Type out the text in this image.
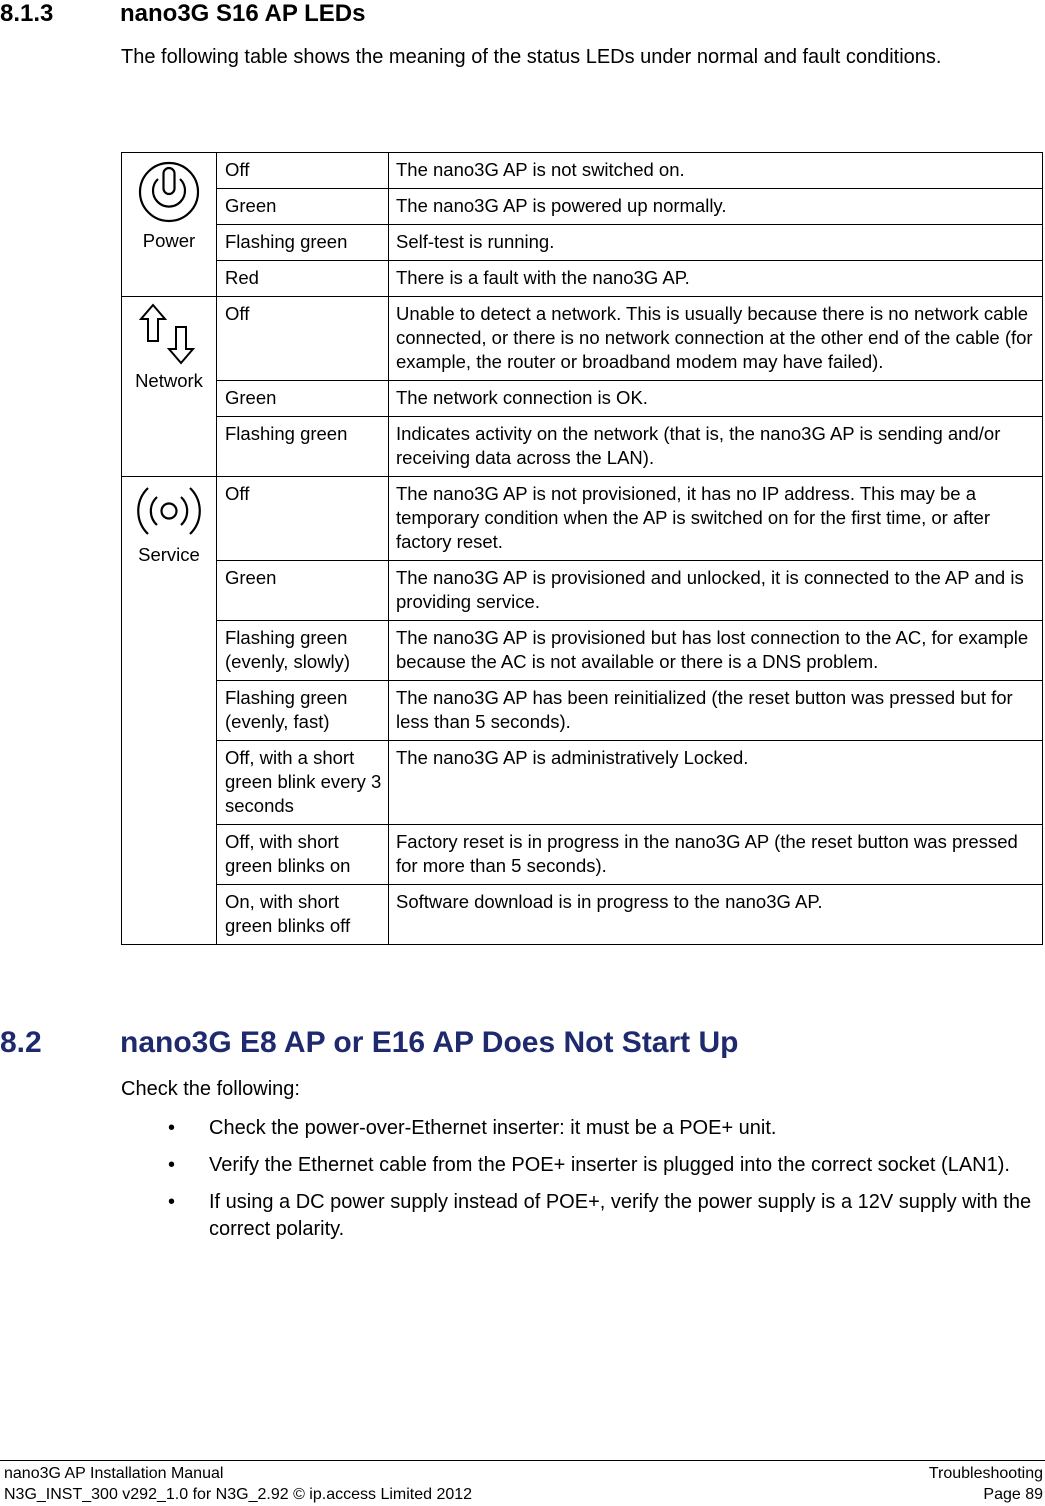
8.1.3	nano3G S16 AP LEDs
The following table shows the meaning of the status LEDs under normal and fault conditions.
Power	Off	The nano3G AP is not switched on.
	Green	The nano3G AP is powered up normally.
	Flashing green	Self-test is running.
	Red	There is a fault with the nano3G AP.

Network	Off	Unable to detect a network. This is usually because there is no network cable connected, or there is no network connection at the other end of the cable (for example, the router or broadband modem may have failed).
	Green	The network connection is OK.
	Flashing green	Indicates activity on the network (that is, the nano3G AP is sending and/or receiving data across the LAN).

Service	Off	The nano3G AP is not provisioned, it has no IP address. This may be a temporary condition when the AP is switched on for the first time, or after factory reset.
	Green	The nano3G AP is provisioned and unlocked, it is connected to the AP and is providing service.
	Flashing green (evenly, slowly)	The nano3G AP is provisioned but has lost connection to the AC, for example because the AC is not available or there is a DNS problem.
	Flashing green (evenly, fast)	The nano3G AP has been reinitialized (the reset button was pressed but for less than 5 seconds).
	Off, with a short green blink every 3 seconds	The nano3G AP is administratively Locked.
	Off, with short green blinks on	Factory reset is in progress in the nano3G AP (the reset button was pressed for more than 5 seconds).
	On, with short green blinks off	Software download is in progress to the nano3G AP.
8.2	nano3G E8 AP or E16 AP Does Not Start Up
Check the following:
• Check the power-over-Ethernet inserter: it must be a POE+ unit.
• Verify the Ethernet cable from the POE+ inserter is plugged into the correct socket (LAN1).
• If using a DC power supply instead of POE+, verify the power supply is a 12V supply with the correct polarity.
nano3G AP Installation Manual	Troubleshooting
N3G_INST_300 v292_1.0 for N3G_2.92 © ip.access Limited 2012	Page 89
